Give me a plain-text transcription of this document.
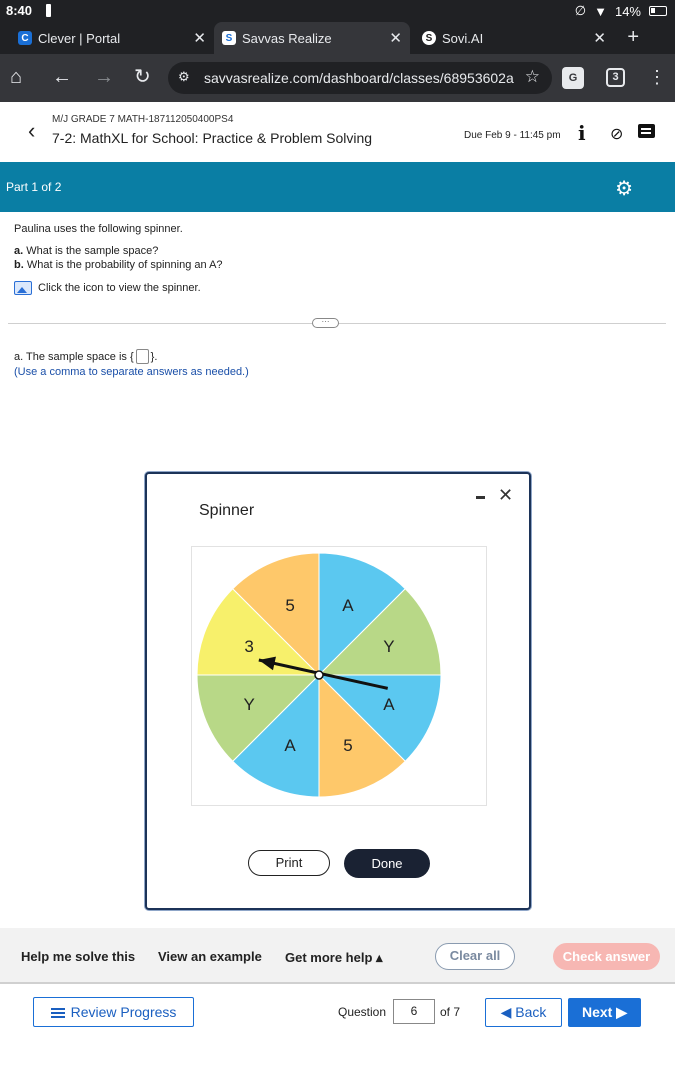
8:40	∅ ▼ 14%
C Clever | Portal	✕	S Savvas Realize	✕	S Sovi.AI	✕ +
⌂ ← → ↻ ⚙ savvasrealize.com/dashboard/classes/68953602a ☆	G	3	⋮
‹ M/J GRADE 7 MATH-187112050400PS4
7-2: MathXL for School: Practice & Problem Solving	Due Feb 9 - 11:45 pm i ⊘
Part 1 of 2	⚙
Paulina uses the following spinner.
a. What is the sample space?
b. What is the probability of spinning an A?
Click the icon to view the spinner.
···
a. The sample space is { }.
(Use a comma to separate answers as needed.)
Spinner
✕
A
Y
A
5
A
Y
3
5
Print	Done
Help me solve this View an example Get more help ▴	Clear all	Check answer
Review Progress	Question	6	of 7	◀ Back	Next ▶
